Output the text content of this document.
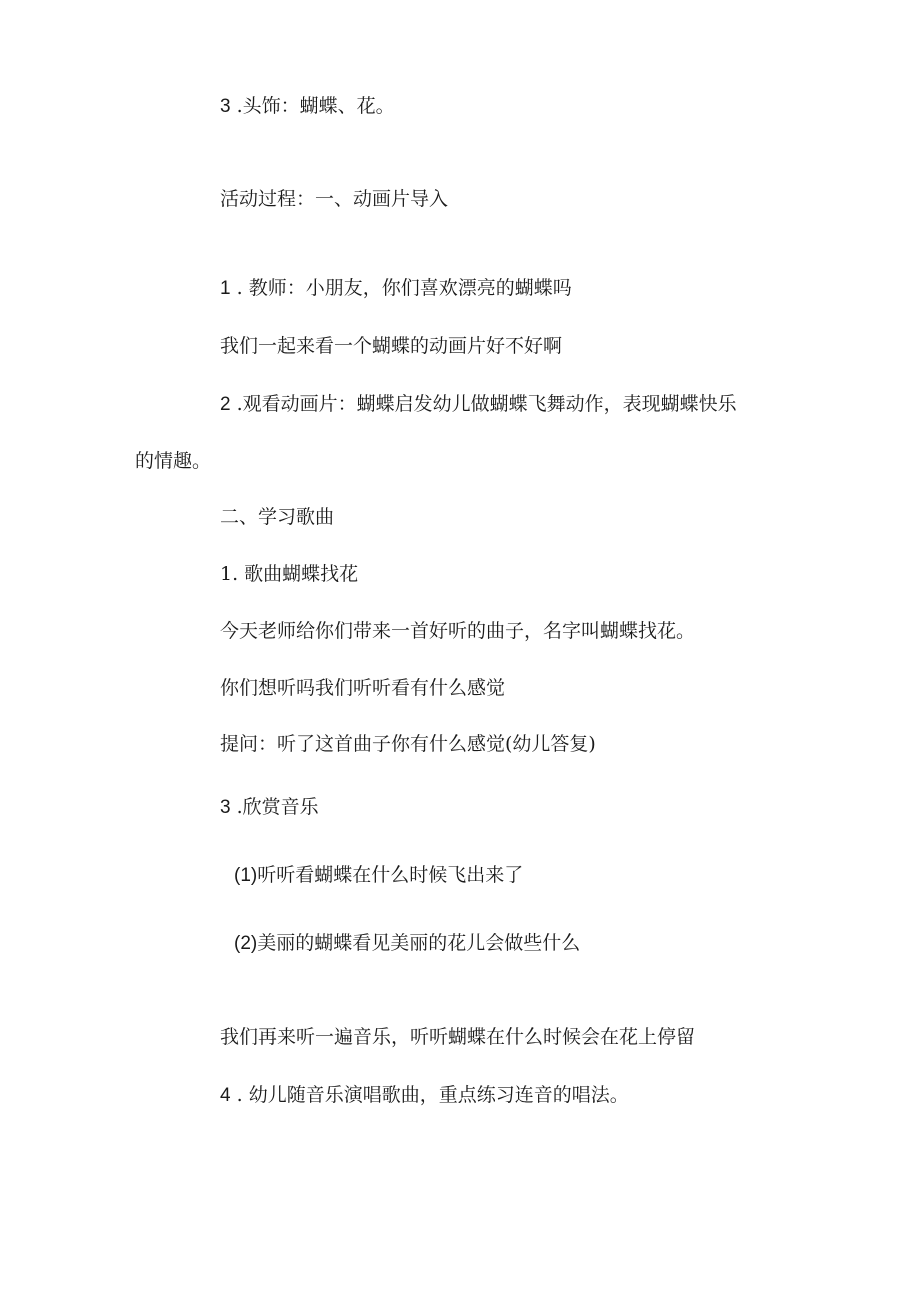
3 .头饰：蝴蝶、花。
活动过程：一、动画片导入
1 . 教师：小朋友，你们喜欢漂亮的蝴蝶吗
我们一起来看一个蝴蝶的动画片好不好啊
2 .观看动画片：蝴蝶启发幼儿做蝴蝶飞舞动作，表现蝴蝶快乐
的情趣。
二、学习歌曲
1. 歌曲蝴蝶找花
今天老师给你们带来一首好听的曲子，名字叫蝴蝶找花。
你们想听吗我们听听看有什么感觉
提问：听了这首曲子你有什么感觉(幼儿答复)
3 .欣赏音乐
(1)听听看蝴蝶在什么时候飞出来了
(2)美丽的蝴蝶看见美丽的花儿会做些什么
我们再来听一遍音乐，听听蝴蝶在什么时候会在花上停留
4 . 幼儿随音乐演唱歌曲，重点练习连音的唱法。
